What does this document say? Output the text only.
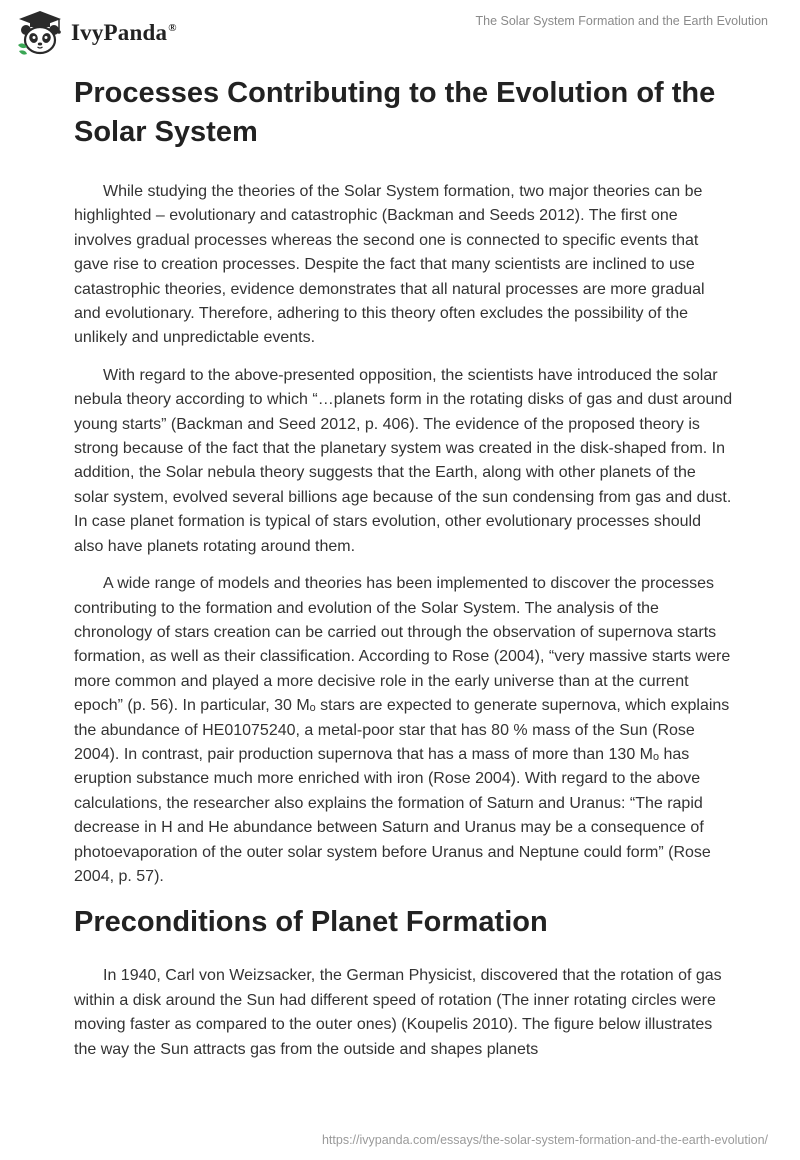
IvyPanda®
The Solar System Formation and the Earth Evolution
Processes Contributing to the Evolution of the Solar System

While studying the theories of the Solar System formation, two major theories can be highlighted – evolutionary and catastrophic (Backman and Seeds 2012). The first one involves gradual processes whereas the second one is connected to specific events that gave rise to creation processes. Despite the fact that many scientists are inclined to use catastrophic theories, evidence demonstrates that all natural processes are more gradual and evolutionary. Therefore, adhering to this theory often excludes the possibility of the unlikely and unpredictable events.

With regard to the above-presented opposition, the scientists have introduced the solar nebula theory according to which “…planets form in the rotating disks of gas and dust around young starts” (Backman and Seed 2012, p. 406). The evidence of the proposed theory is strong because of the fact that the planetary system was created in the disk-shaped from. In addition, the Solar nebula theory suggests that the Earth, along with other planets of the solar system, evolved several billions age because of the sun condensing from gas and dust. In case planet formation is typical of stars evolution, other evolutionary processes should also have planets rotating around them.

A wide range of models and theories has been implemented to discover the processes contributing to the formation and evolution of the Solar System. The analysis of the chronology of stars creation can be carried out through the observation of supernova starts formation, as well as their classification. According to Rose (2004), “very massive starts were more common and played a more decisive role in the early universe than at the current epoch” (p. 56). In particular, 30 Mₒ stars are expected to generate supernova, which explains the abundance of HE01075240, a metal-poor star that has 80 % mass of the Sun (Rose 2004). In contrast, pair production supernova that has a mass of more than 130 Mₒ has eruption substance much more enriched with iron (Rose 2004). With regard to the above calculations, the researcher also explains the formation of Saturn and Uranus: “The rapid decrease in H and He abundance between Saturn and Uranus may be a consequence of photoevaporation of the outer solar system before Uranus and Neptune could form” (Rose 2004, p. 57).

Preconditions of Planet Formation

In 1940, Carl von Weizsacker, the German Physicist, discovered that the rotation of gas within a disk around the Sun had different speed of rotation (The inner rotating circles were moving faster as compared to the outer ones) (Koupelis 2010). The figure below illustrates the way the Sun attracts gas from the outside and shapes planets

https://ivypanda.com/essays/the-solar-system-formation-and-the-earth-evolution/
